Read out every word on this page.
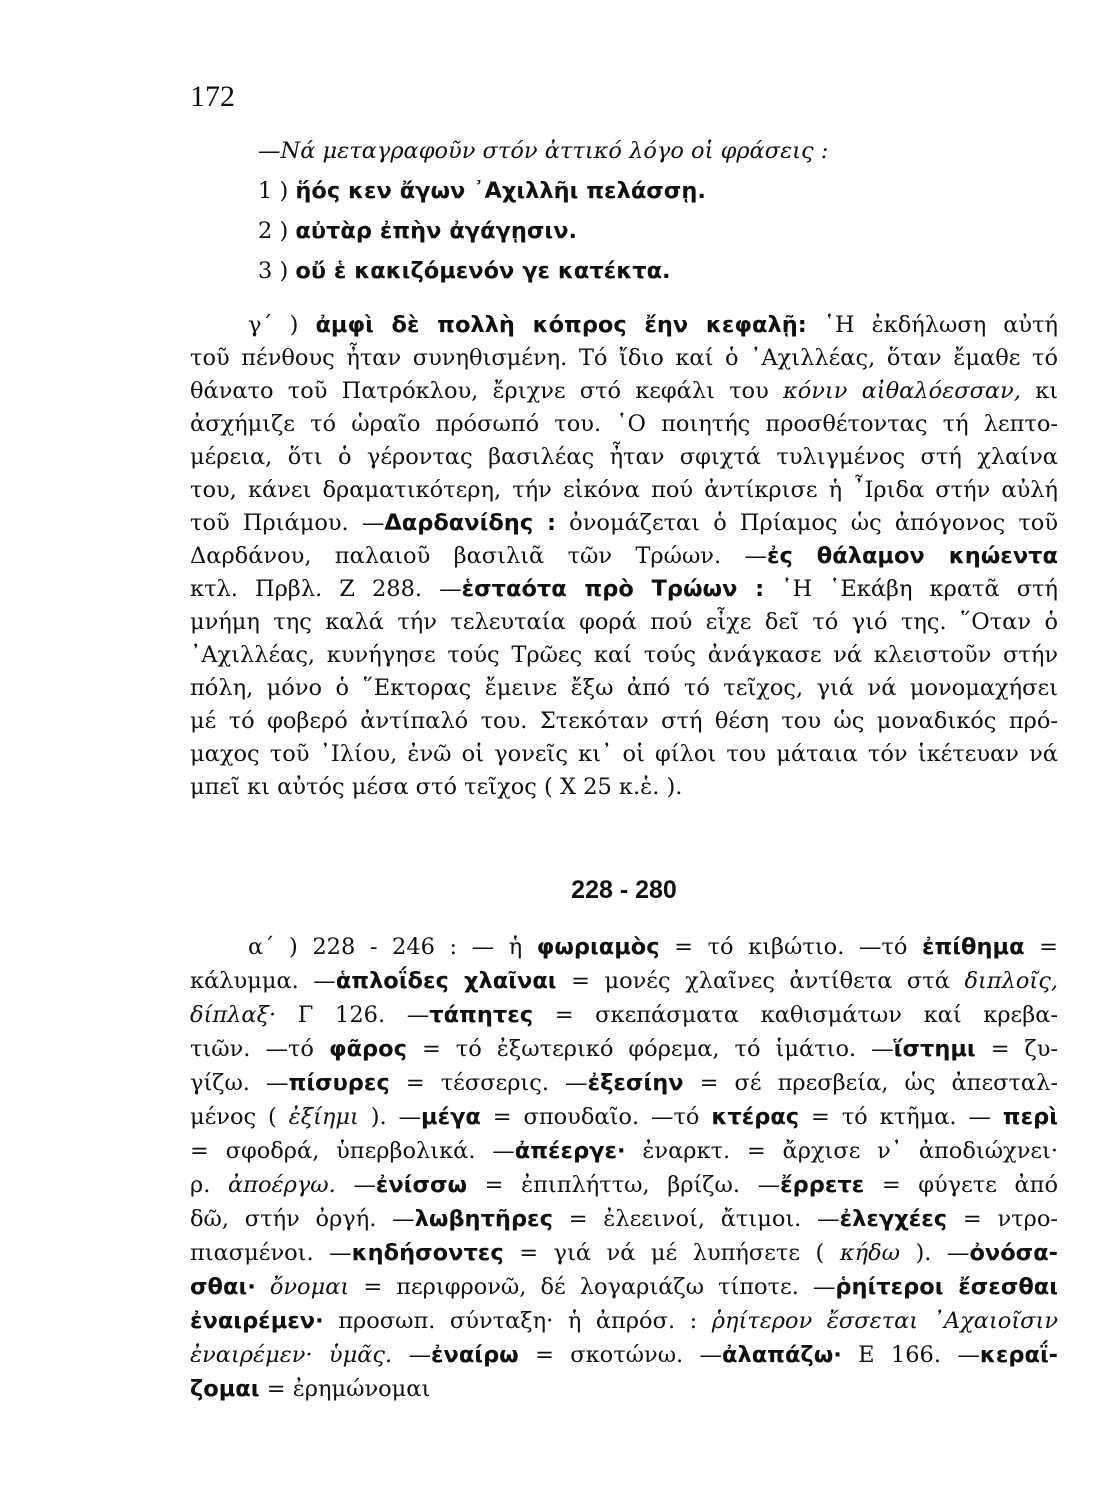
172
—Νά μεταγραφοῦν στόν ἀττικό λόγο οἱ φράσεις :
1 ) ἥός κεν ἄγων ᾿Αχιλλῆι πελάσσῃ.
2 ) αὐτὰρ ἐπὴν ἀγάγῃσιν.
3 ) οὔ ἑ κακιζόμενόν γε κατέκτα.
γ΄ ) ἀμφὶ δὲ πολλὴ κόπρος ἔην κεφαλῇ: ῾Η ἐκδήλωση αὐτή
τοῦ πένθους ἦταν συνηθισμένη. Τό ἴδιο καί ὁ ᾿Αχιλλέας, ὅταν ἔμαθε τό
θάνατο τοῦ Πατρόκλου, ἔριχνε στό κεφάλι του κόνιν αἰθαλόεσσαν, κι
ἀσχήμιζε τό ὡραῖο πρόσωπό του. ῾Ο ποιητής προσθέτοντας τή λεπτο-
μέρεια, ὅτι ὁ γέροντας βασιλέας ἦταν σφιχτά τυλιγμένος στή χλαίνα
του, κάνει δραματικότερη, τήν εἰκόνα πού ἀντίκρισε ἡ ῏Ιριδα στήν αὐλή
τοῦ Πριάμου. —Δαρδανίδης : ὀνομάζεται ὁ Πρίαμος ὡς ἀπόγονος τοῦ
Δαρδάνου, παλαιοῦ βασιλιᾶ τῶν Τρώων. —ἐς θάλαμον κηώεντα
κτλ. Πρβλ. Ζ 288. —ἑσταότα πρὸ Τρώων : ῾Η ῾Εκάβη κρατᾶ στή
μνήμη της καλά τήν τελευταία φορά πού εἶχε δεῖ τό γιό της. ῞Οταν ὁ
᾿Αχιλλέας, κυνήγησε τούς Τρῶες καί τούς ἀνάγκασε νά κλειστοῦν στήν
πόλη, μόνο ὁ ῞Εκτορας ἔμεινε ἔξω ἀπό τό τεῖχος, γιά νά μονομαχήσει
μέ τό φοβερό ἀντίπαλό του. Στεκόταν στή θέση του ὡς μοναδικός πρό-
μαχος τοῦ ᾿Ιλίου, ἐνῶ οἱ γονεῖς κι᾿ οἱ φίλοι του μάταια τόν ἱκέτευαν νά
μπεῖ κι αὐτός μέσα στό τεῖχος ( Χ 25 κ.ἑ. ).
228 - 280
α΄ ) 228 - 246 : — ἡ φωριαμὸς = τό κιβώτιο. —τό ἐπίθημα =
κάλυμμα. —ἁπλοΐδες χλαῖναι = μονές χλαῖνες ἀντίθετα στά διπλοῖς,
δίπλαξ· Γ 126. —τάπητες = σκεπάσματα καθισμάτων καί κρεβα-
τιῶν. —τό φᾶρος = τό ἐξωτερικό φόρεμα, τό ἱμάτιο. —ἵστημι = ζυ-
γίζω. —πίσυρες = τέσσερις. —ἐξεσίην = σέ πρεσβεία, ὡς ἀπεσταλ-
μένος ( ἐξίημι ). —μέγα = σπουδαῖο. —τό κτέρας = τό κτῆμα. — περὶ
= σφοδρά, ὑπερβολικά. —ἀπέεργε· ἐναρκτ. = ἄρχισε ν᾿ ἀποδιώχνει·
ρ. ἀποέργω. —ἐνίσσω = ἐπιπλήττω, βρίζω. —ἔρρετε = φύγετε ἀπό
δῶ, στήν ὀργή. —λωβητῆρες = ἐλεεινοί, ἄτιμοι. —ἐλεγχέες = ντρο-
πιασμένοι. —κηδήσοντες = γιά νά μέ λυπήσετε ( κήδω ). —ὀνόσα-
σθαι· ὄνομαι = περιφρονῶ, δέ λογαριάζω τίποτε. —ῥηίτεροι ἔσεσθαι
ἐναιρέμεν· προσωπ. σύνταξη· ἡ ἀπρόσ. : ῥηίτερον ἔσσεται ᾿Αχαιοῖσιν
ἐναιρέμεν· ὑμᾶς. —ἐναίρω = σκοτώνω. —ἀλαπάζω· Ε 166. —κεραΐ-
ζομαι = ἐρημώνομαι
